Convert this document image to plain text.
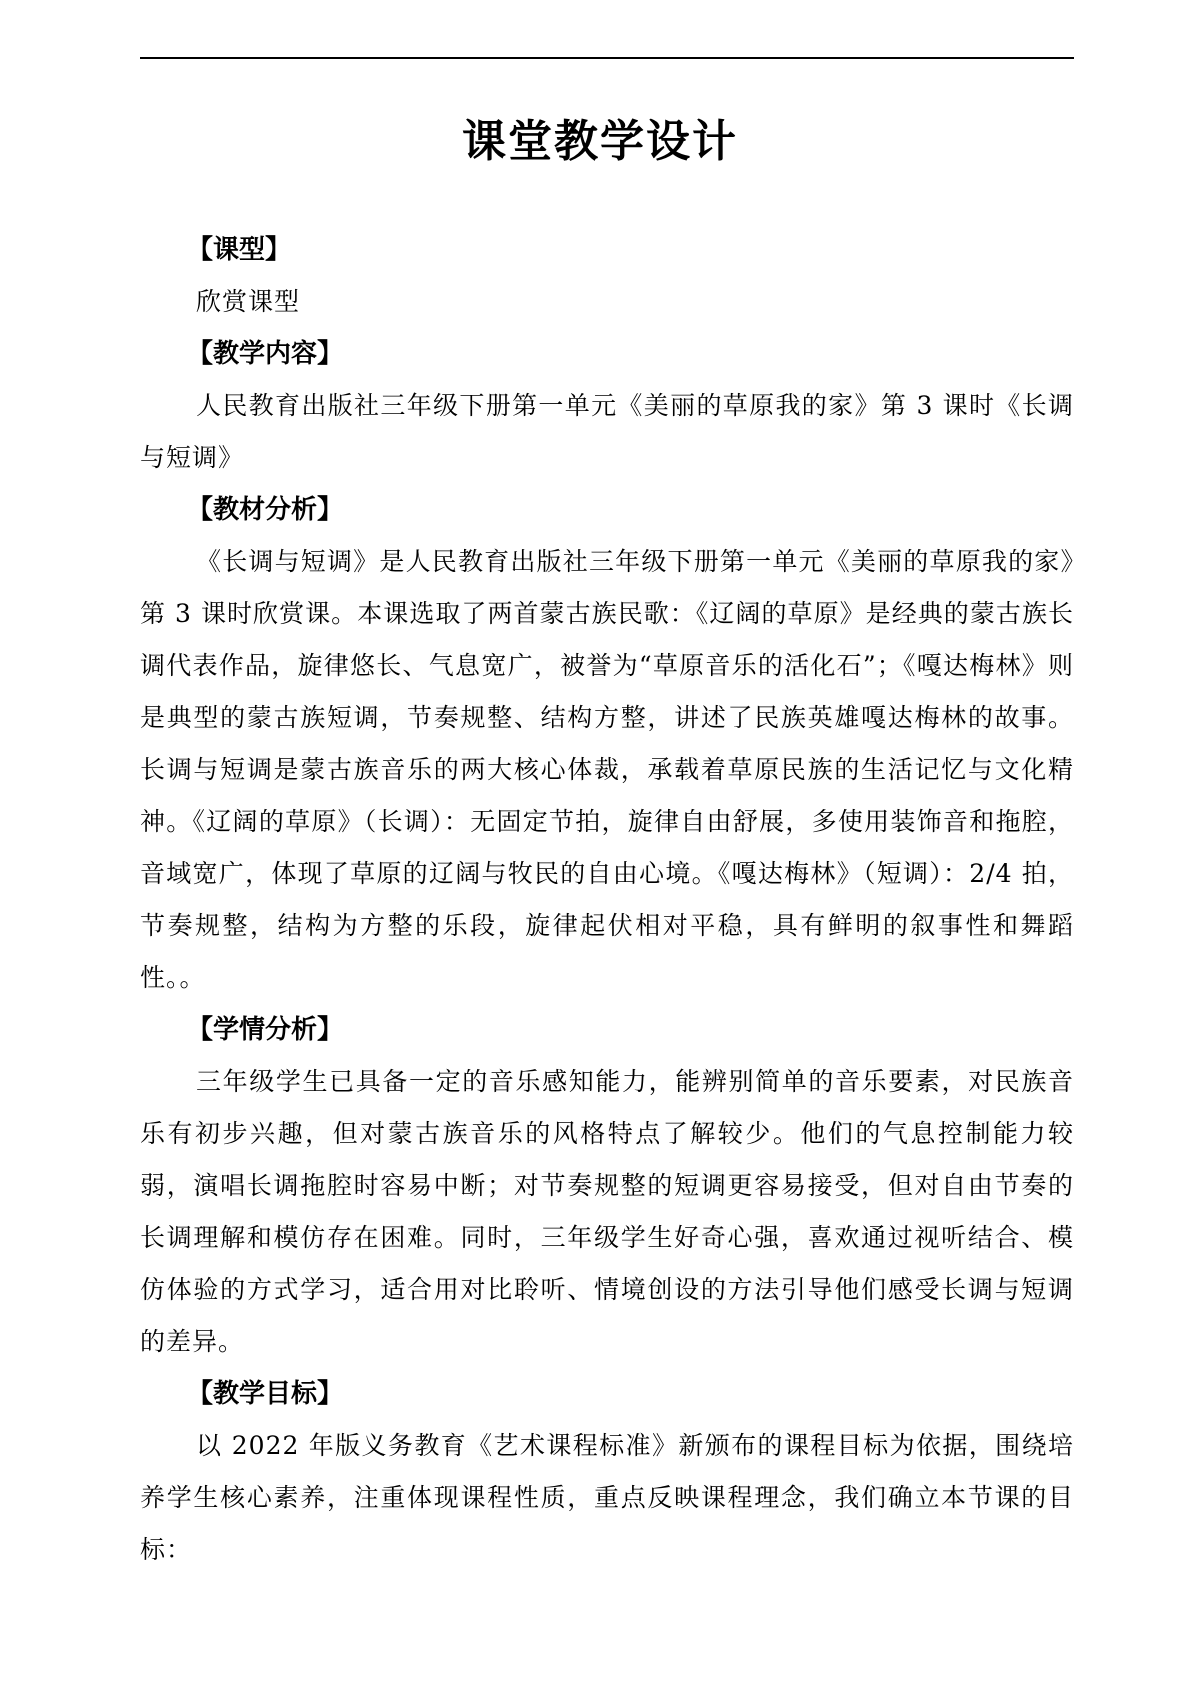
课堂教学设计
【课型】
欣赏课型
【教学内容】
人民教育出版社三年级下册第一单元《美丽的草原我的家》第 3 课时《长调与短调》
【教材分析】
《长调与短调》是人民教育出版社三年级下册第一单元《美丽的草原我的家》第 3 课时欣赏课。本课选取了两首蒙古族民歌：《辽阔的草原》是经典的蒙古族长调代表作品，旋律悠长、气息宽广，被誉为“草原音乐的活化石”；《嘎达梅林》则是典型的蒙古族短调，节奏规整、结构方整，讲述了民族英雄嘎达梅林的故事。长调与短调是蒙古族音乐的两大核心体裁，承载着草原民族的生活记忆与文化精神。《辽阔的草原》（长调）：无固定节拍，旋律自由舒展，多使用装饰音和拖腔，音域宽广，体现了草原的辽阔与牧民的自由心境。《嘎达梅林》（短调）：2/4 拍，节奏规整，结构为方整的乐段，旋律起伏相对平稳，具有鲜明的叙事性和舞蹈性。。
【学情分析】
三年级学生已具备一定的音乐感知能力，能辨别简单的音乐要素，对民族音乐有初步兴趣，但对蒙古族音乐的风格特点了解较少。他们的气息控制能力较弱，演唱长调拖腔时容易中断；对节奏规整的短调更容易接受，但对自由节奏的长调理解和模仿存在困难。同时，三年级学生好奇心强，喜欢通过视听结合、模仿体验的方式学习，适合用对比聆听、情境创设的方法引导他们感受长调与短调的差异。
【教学目标】
以 2022 年版义务教育《艺术课程标准》新颁布的课程目标为依据，围绕培养学生核心素养，注重体现课程性质，重点反映课程理念，我们确立本节课的目标：
